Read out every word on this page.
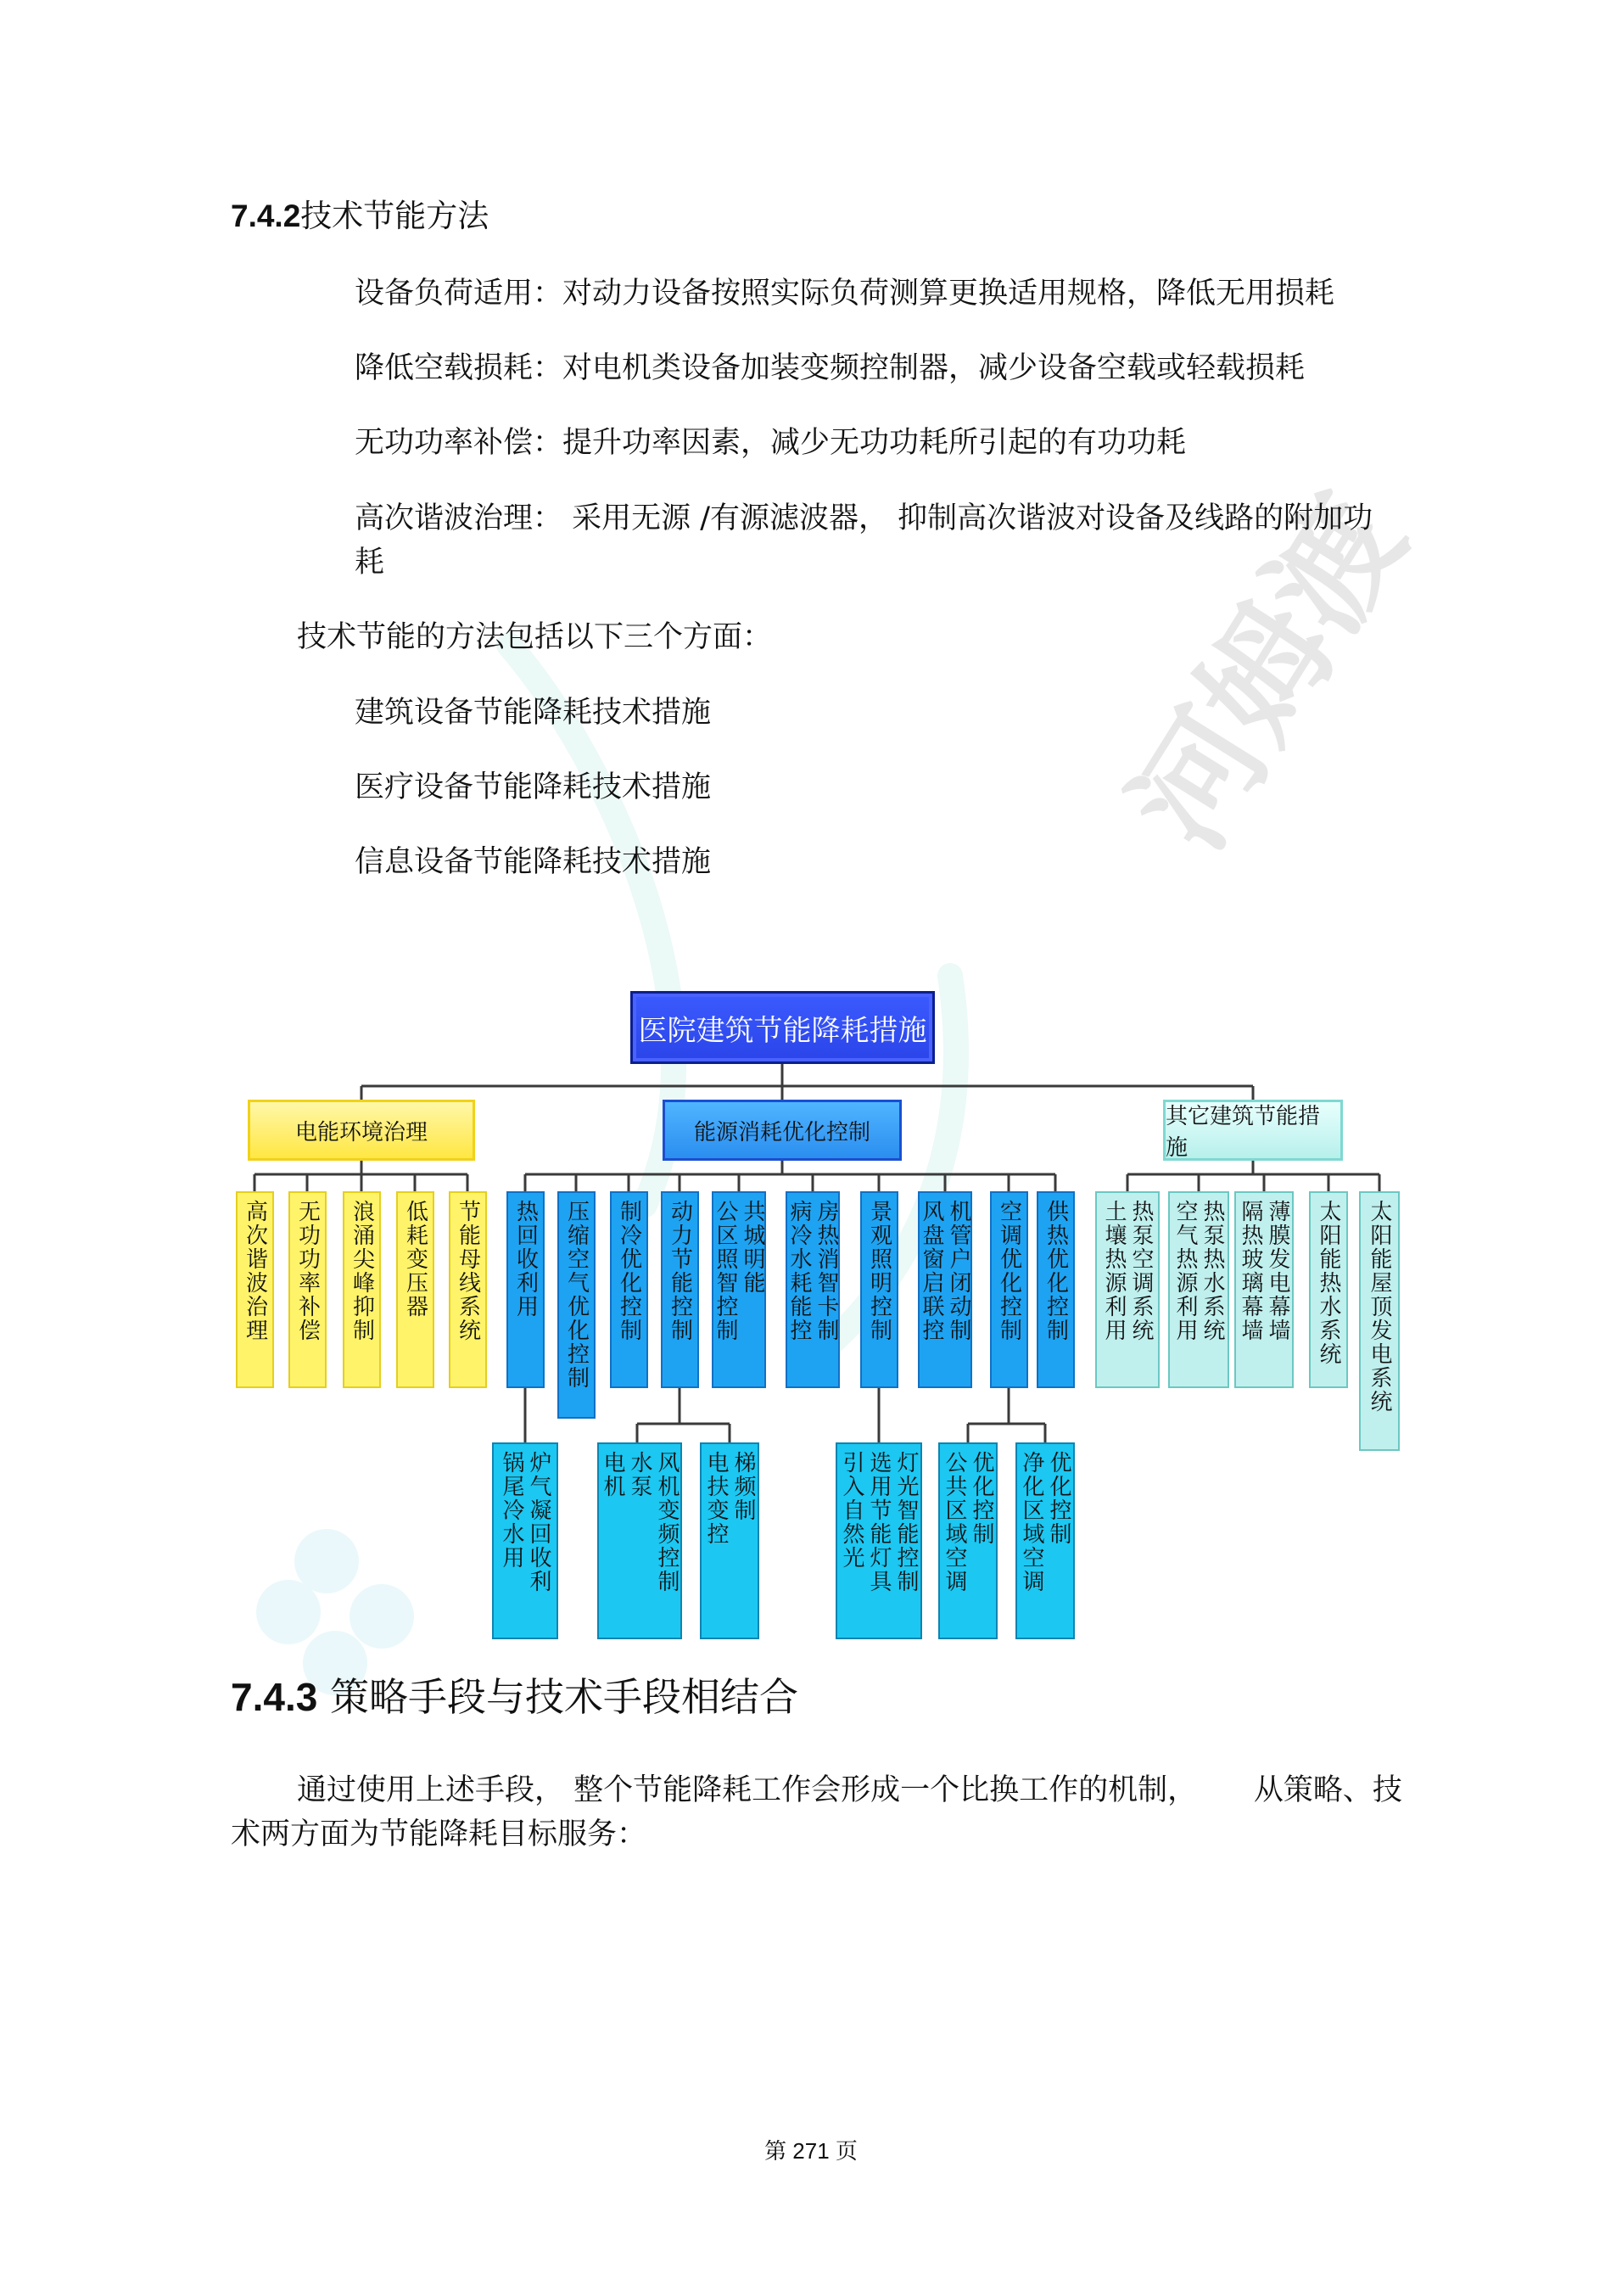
河姆渡
7.4.2技术节能方法
设备负荷适用：对动力设备按照实际负荷测算更换适用规格，降低无用损耗
降低空载损耗：对电机类设备加装变频控制器，减少设备空载或轻载损耗
无功功率补偿：提升功率因素，减少无功功耗所引起的有功功耗
高次谐波治理： 采用无源 /有源滤波器， 抑制高次谐波对设备及线路的附加功
耗
技术节能的方法包括以下三个方面：
建筑设备节能降耗技术措施
医疗设备节能降耗技术措施
信息设备节能降耗技术措施
医院建筑节能降耗措施
电能环境治理	能源消耗优化控制
其它建筑节能措施
高次谐波治理 无功功率补偿 浪涌尖峰抑制 低耗变压器 节能母线系统 热回收利用 压缩空气优化控制 制冷优化控制 动力节能控制 共城明能
公区照智控制	房热消智卡制
病冷水耗能控 景观照明控制 机管户闭动制
风盘窗启联控 空调优化控制 供热优化控制	热泵空调系统
土壤热源利用	热泵热水系统
空气热源利用	薄膜发电幕墙
隔热玻璃幕墙 太阳能热水系统 太阳能屋顶发电系统
炉气凝回收利
锅尾冷水用	风机变频控制
水泵
电机	梯频制
电扶变控	灯光智能控制
选用节能灯具
引入自然光	优化控制
公共区域空调	优化控制
净化区域空调
7.4.3 策略手段与技术手段相结合
通过使用上述手段， 整个节能降耗工作会形成一个比换工作的机制，      从策略、技
术两方面为节能降耗目标服务：
第 271 页
